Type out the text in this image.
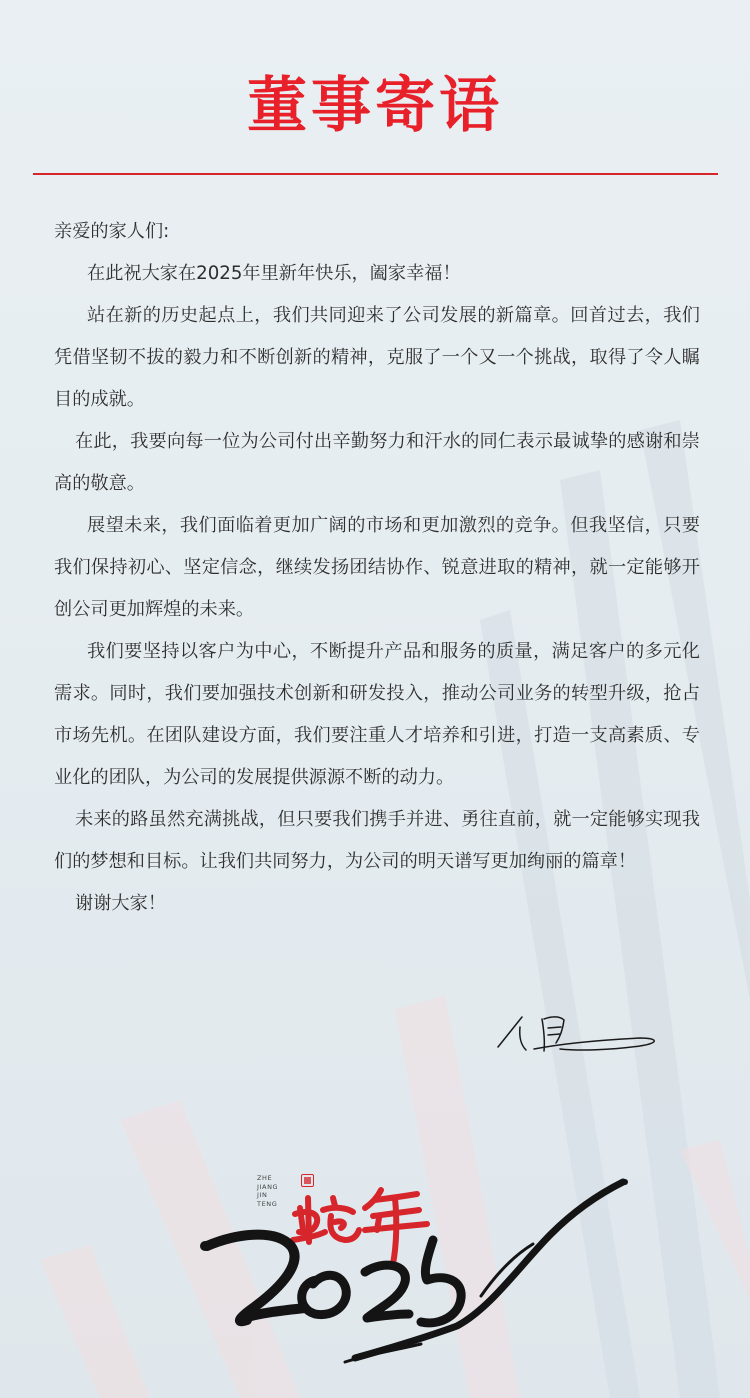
董事寄语

亲爱的家人们:

在此祝大家在2025年里新年快乐，阖家幸福！

站在新的历史起点上，我们共同迎来了公司发展的新篇章。回首过去，我们凭借坚韧不拔的毅力和不断创新的精神，克服了一个又一个挑战，取得了令人瞩目的成就。

在此，我要向每一位为公司付出辛勤努力和汗水的同仁表示最诚挚的感谢和崇高的敬意。

展望未来，我们面临着更加广阔的市场和更加激烈的竞争。但我坚信，只要我们保持初心、坚定信念，继续发扬团结协作、锐意进取的精神，就一定能够开创公司更加辉煌的未来。

我们要坚持以客户为中心，不断提升产品和服务的质量，满足客户的多元化需求。同时，我们要加强技术创新和研发投入，推动公司业务的转型升级，抢占市场先机。在团队建设方面，我们要注重人才培养和引进，打造一支高素质、专业化的团队，为公司的发展提供源源不断的动力。

未来的路虽然充满挑战，但只要我们携手并进、勇往直前，就一定能够实现我们的梦想和目标。让我们共同努力，为公司的明天谱写更加绚丽的篇章！

谢谢大家！

ZHE
JIANG
JIN
TENG
